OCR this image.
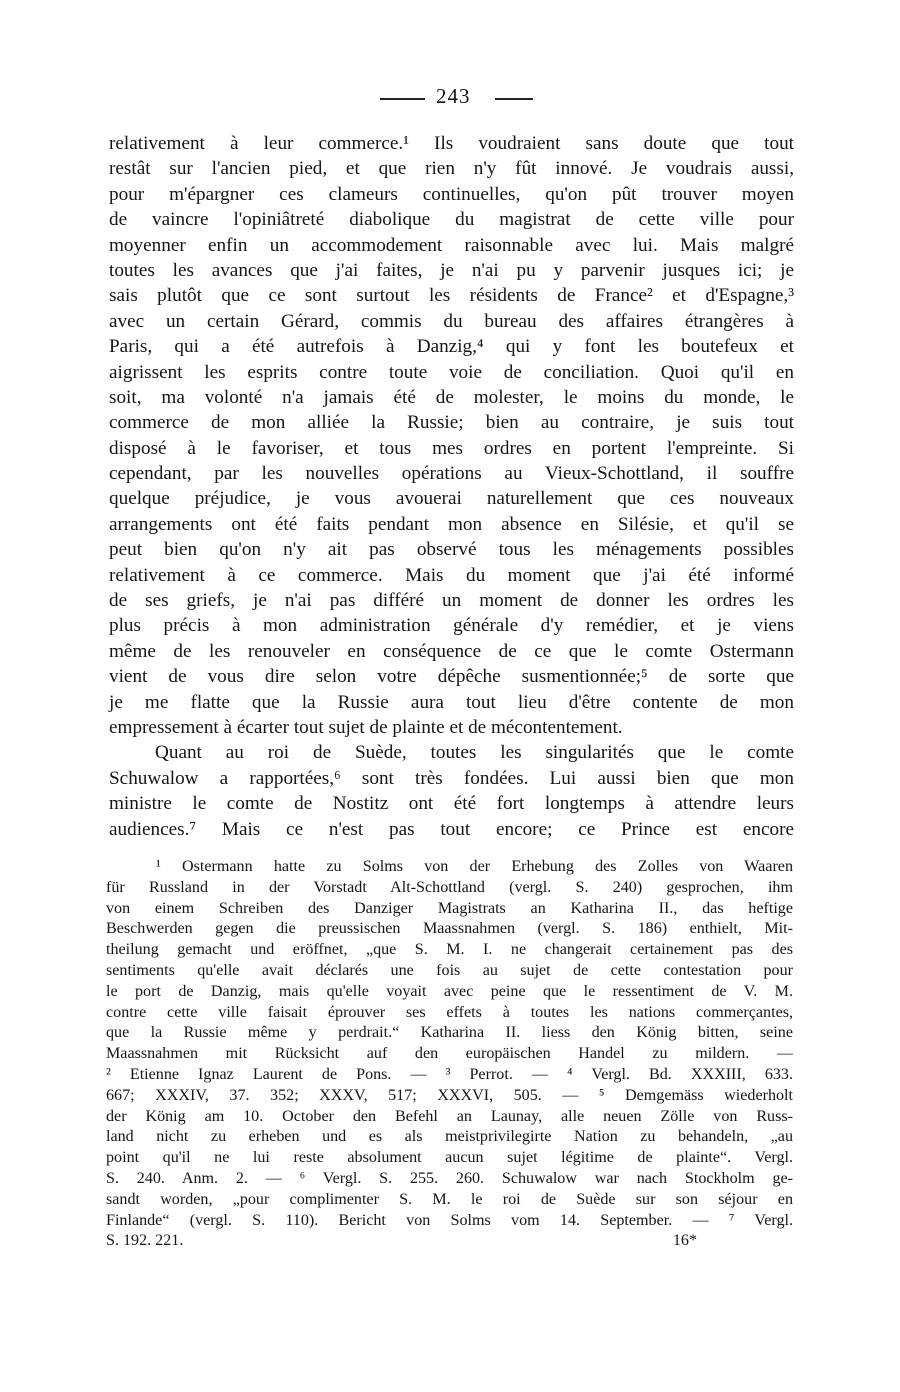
243
relativement à leur commerce.¹ Ils voudraient sans doute que tout
restât sur l'ancien pied, et que rien n'y fût innové. Je voudrais aussi,
pour m'épargner ces clameurs continuelles, qu'on pût trouver moyen
de vaincre l'opiniâtreté diabolique du magistrat de cette ville pour
moyenner enfin un accommodement raisonnable avec lui. Mais malgré
toutes les avances que j'ai faites, je n'ai pu y parvenir jusques ici; je
sais plutôt que ce sont surtout les résidents de France² et d'Espagne,³
avec un certain Gérard, commis du bureau des affaires étrangères à
Paris, qui a été autrefois à Danzig,⁴ qui y font les boutefeux et
aigrissent les esprits contre toute voie de conciliation. Quoi qu'il en
soit, ma volonté n'a jamais été de molester, le moins du monde, le
commerce de mon alliée la Russie; bien au contraire, je suis tout
disposé à le favoriser, et tous mes ordres en portent l'empreinte. Si
cependant, par les nouvelles opérations au Vieux-Schottland, il souffre
quelque préjudice, je vous avouerai naturellement que ces nouveaux
arrangements ont été faits pendant mon absence en Silésie, et qu'il se
peut bien qu'on n'y ait pas observé tous les ménagements possibles
relativement à ce commerce. Mais du moment que j'ai été informé
de ses griefs, je n'ai pas différé un moment de donner les ordres les
plus précis à mon administration générale d'y remédier, et je viens
même de les renouveler en conséquence de ce que le comte Ostermann
vient de vous dire selon votre dépêche susmentionnée;⁵ de sorte que
je me flatte que la Russie aura tout lieu d'être contente de mon
empressement à écarter tout sujet de plainte et de mécontentement.
Quant au roi de Suède, toutes les singularités que le comte
Schuwalow a rapportées,⁶ sont très fondées. Lui aussi bien que mon
ministre le comte de Nostitz ont été fort longtemps à attendre leurs
audiences.⁷ Mais ce n'est pas tout encore; ce Prince est encore
¹ Ostermann hatte zu Solms von der Erhebung des Zolles von Waaren
für Russland in der Vorstadt Alt-Schottland (vergl. S. 240) gesprochen, ihm
von einem Schreiben des Danziger Magistrats an Katharina II., das heftige
Beschwerden gegen die preussischen Maassnahmen (vergl. S. 186) enthielt, Mit-
theilung gemacht und eröffnet, „que S. M. I. ne changerait certainement pas des
sentiments qu'elle avait déclarés une fois au sujet de cette contestation pour
le port de Danzig, mais qu'elle voyait avec peine que le ressentiment de V. M.
contre cette ville faisait éprouver ses effets à toutes les nations commerçantes,
que la Russie même y perdrait.“ Katharina II. liess den König bitten, seine
Maassnahmen mit Rücksicht auf den europäischen Handel zu mildern. —
² Etienne Ignaz Laurent de Pons. — ³ Perrot. — ⁴ Vergl. Bd. XXXIII, 633.
667; XXXIV, 37. 352; XXXV, 517; XXXVI, 505. — ⁵ Demgemäss wiederholt
der König am 10. October den Befehl an Launay, alle neuen Zölle von Russ-
land nicht zu erheben und es als meistprivilegirte Nation zu behandeln, „au
point qu'il ne lui reste absolument aucun sujet légitime de plainte“. Vergl.
S. 240. Anm. 2. — ⁶ Vergl. S. 255. 260. Schuwalow war nach Stockholm ge-
sandt worden, „pour complimenter S. M. le roi de Suède sur son séjour en
Finlande“ (vergl. S. 110). Bericht von Solms vom 14. September. — ⁷ Vergl.
S. 192. 221.	16*
